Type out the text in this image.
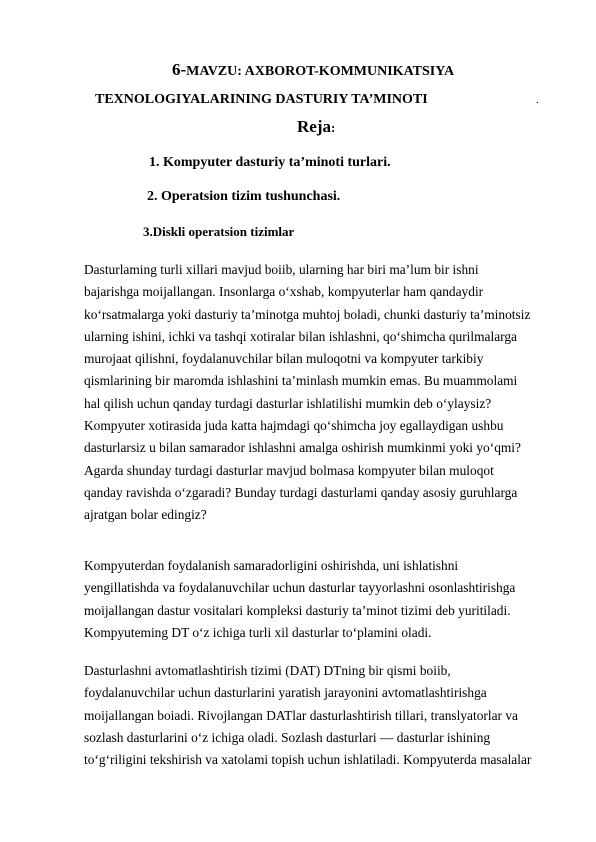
6-MAVZU: AXBOROT-KOMMUNIKATSIYA
TEXNOLOGIYALARINING DASTURIY TA’MINOTI	.
Reja:
1. Kompyuter dasturiy ta’minoti turlari.
2. Operatsion tizim tushunchasi.
3.Diskli operatsion tizimlar
Dasturlaming turli xillari mavjud boiib, ularning har biri ma’lum bir ishni
bajarishga moijallangan. Insonlarga o‘xshab, kompyuterlar ham qandaydir
ko‘rsatmalarga yoki dasturiy ta’minotga muhtoj boladi, chunki dasturiy ta’minotsiz
ularning ishini, ichki va tashqi xotiralar bilan ishlashni, qo‘shimcha qurilmalarga
murojaat qilishni, foydalanuvchilar bilan muloqotni va kompyuter tarkibiy
qismlarining bir maromda ishlashini ta’minlash mumkin emas. Bu muammolami
hal qilish uchun qanday turdagi dasturlar ishlatilishi mumkin deb o‘ylaysiz?
Kompyuter xotirasida juda katta hajmdagi qo‘shimcha joy egallaydigan ushbu
dasturlarsiz u bilan samarador ishlashni amalga oshirish mumkinmi yoki yo‘qmi?
Agarda shunday turdagi dasturlar mavjud bolmasa kompyuter bilan muloqot
qanday ravishda o‘zgaradi? Bunday turdagi dasturlami qanday asosiy guruhlarga
ajratgan bolar edingiz?
Kompyuterdan foydalanish samaradorligini oshirishda, uni ishlatishni
yengillatishda va foydalanuvchilar uchun dasturlar tayyorlashni osonlashtirishga
moijallangan dastur vositalari kompleksi dasturiy ta’minot tizimi deb yuritiladi.
Kompyuteming DT o‘z ichiga turli xil dasturlar to‘plamini oladi.
Dasturlashni avtomatlashtirish tizimi (DAT) DTning bir qismi boiib,
foydalanuvchilar uchun dasturlarini yaratish jarayonini avtomatlashtirishga
moijallangan boiadi. Rivojlangan DATlar dasturlashtirish tillari, translyatorlar va
sozlash dasturlarini o‘z ichiga oladi. Sozlash dasturlari — dasturlar ishining
to‘g‘riligini tekshirish va xatolami topish uchun ishlatiladi. Kompyuterda masalalar
